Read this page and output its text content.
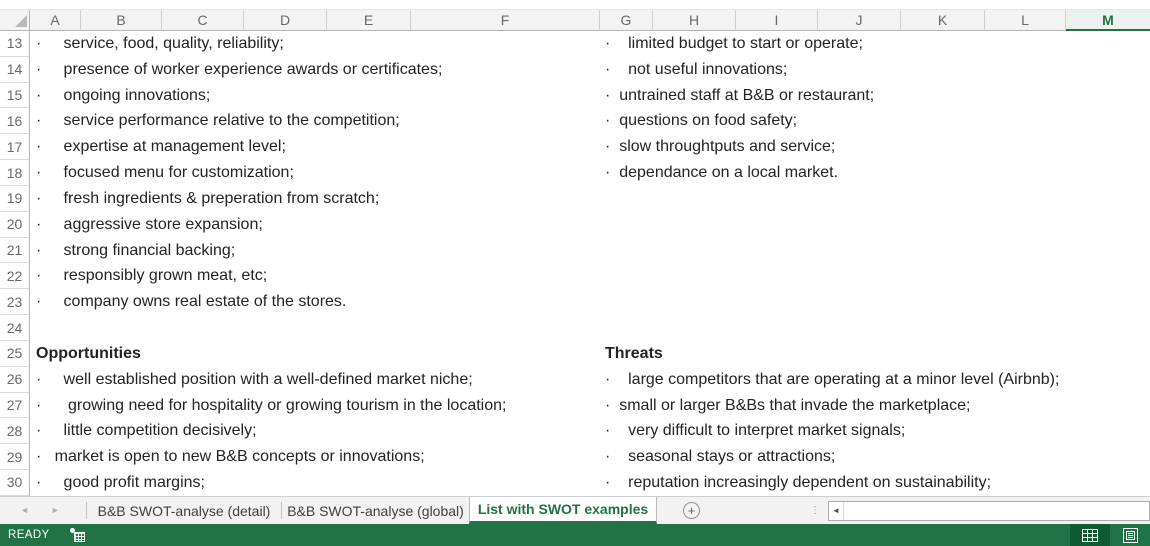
A	B	C	D	E	F	G	H	I	J	K	L	M
13 ·     service, food, quality, reliability;	·    limited budget to start or operate;
14 ·     presence of worker experience awards or certificates;	·    not useful innovations;
15 ·     ongoing innovations;	·  untrained staff at B&B or restaurant;
16 ·     service performance relative to the competition;	·  questions on food safety;
17 ·     expertise at management level;	·  slow throughtputs and service;
18 ·     focused menu for customization;	·  dependance on a local market.
19 ·     fresh ingredients & preperation from scratch;
20 ·     aggressive store expansion;
21 ·     strong financial backing;
22 ·     responsibly grown meat, etc;
23 ·     company owns real estate of the stores.
24
25 Opportunities	Threats
26 ·     well established position with a well-defined market niche;	·    large competitors that are operating at a minor level (Airbnb);
27 ·      growing need for hospitality or growing tourism in the location;	·  small or larger B&Bs that invade the marketplace;
28 ·     little competition decisively;	·    very difficult to interpret market signals;
29 ·   market is open to new B&B concepts or innovations;	·    seasonal stays or attractions;
30 ·     good profit margins;	·    reputation increasingly dependent on sustainability;
◄ ►	B&B SWOT-analyse (detail)	B&B SWOT-analyse (global)	List with SWOT examples	+	⋮	◄
READY
